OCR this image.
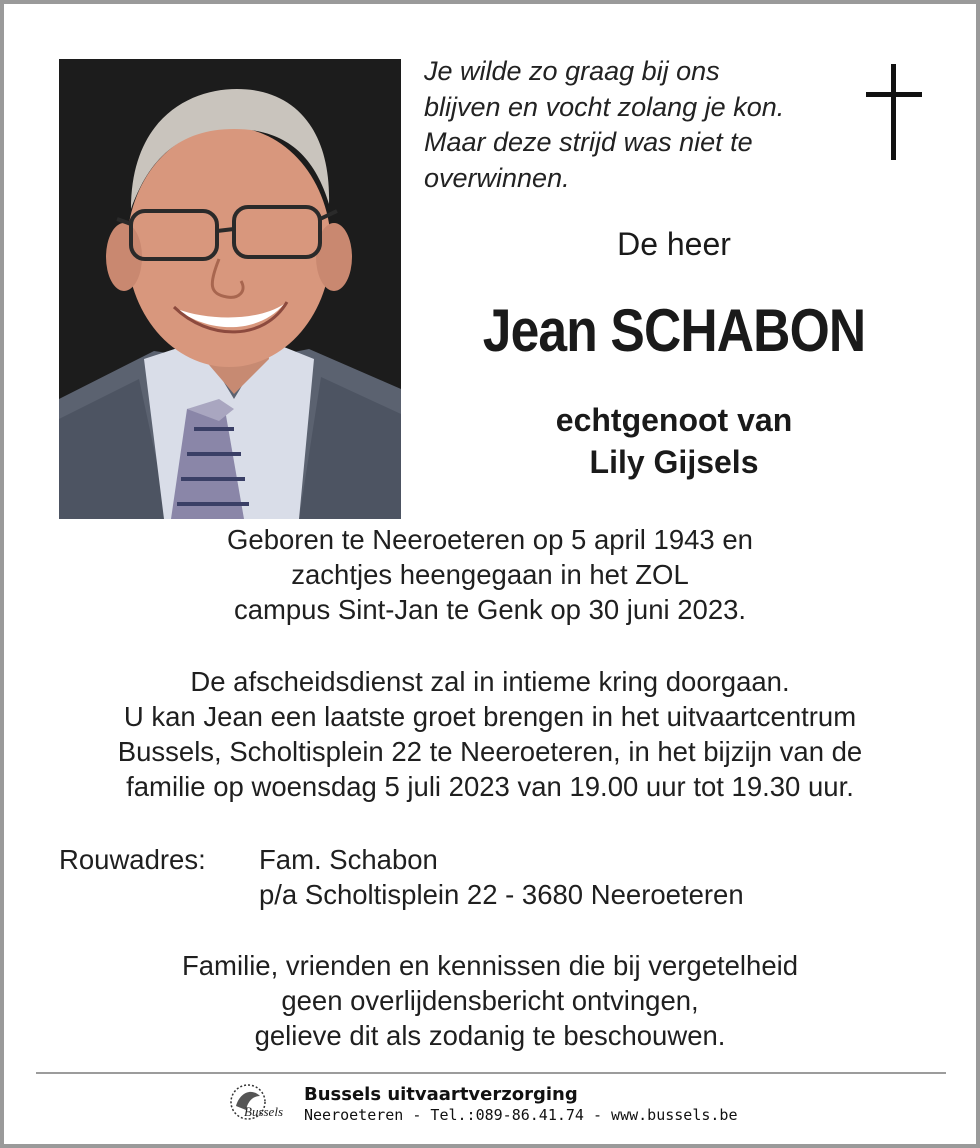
Je wilde zo graag bij ons
blijven en vocht zolang je kon.
Maar deze strijd was niet te
overwinnen.
De heer
Jean SCHABON
echtgenoot van
Lily Gijsels
Geboren te Neeroeteren op 5 april 1943 en
zachtjes heengegaan in het ZOL
campus Sint-Jan te Genk op 30 juni 2023.
De afscheidsdienst zal in intieme kring doorgaan.
U kan Jean een laatste groet brengen in het uitvaartcentrum
Bussels, Scholtisplein 22 te Neeroeteren, in het bijzijn van de
familie op woensdag 5 juli 2023 van 19.00 uur tot 19.30 uur.
Rouwadres: Fam. Schabon
p/a Scholtisplein 22 - 3680 Neeroeteren
Familie, vrienden en kennissen die bij vergetelheid
geen overlijdensbericht ontvingen,
gelieve dit als zodanig te beschouwen.
Bussels
Bussels uitvaartverzorging
Neeroeteren - Tel.:089-86.41.74 - www.bussels.be
